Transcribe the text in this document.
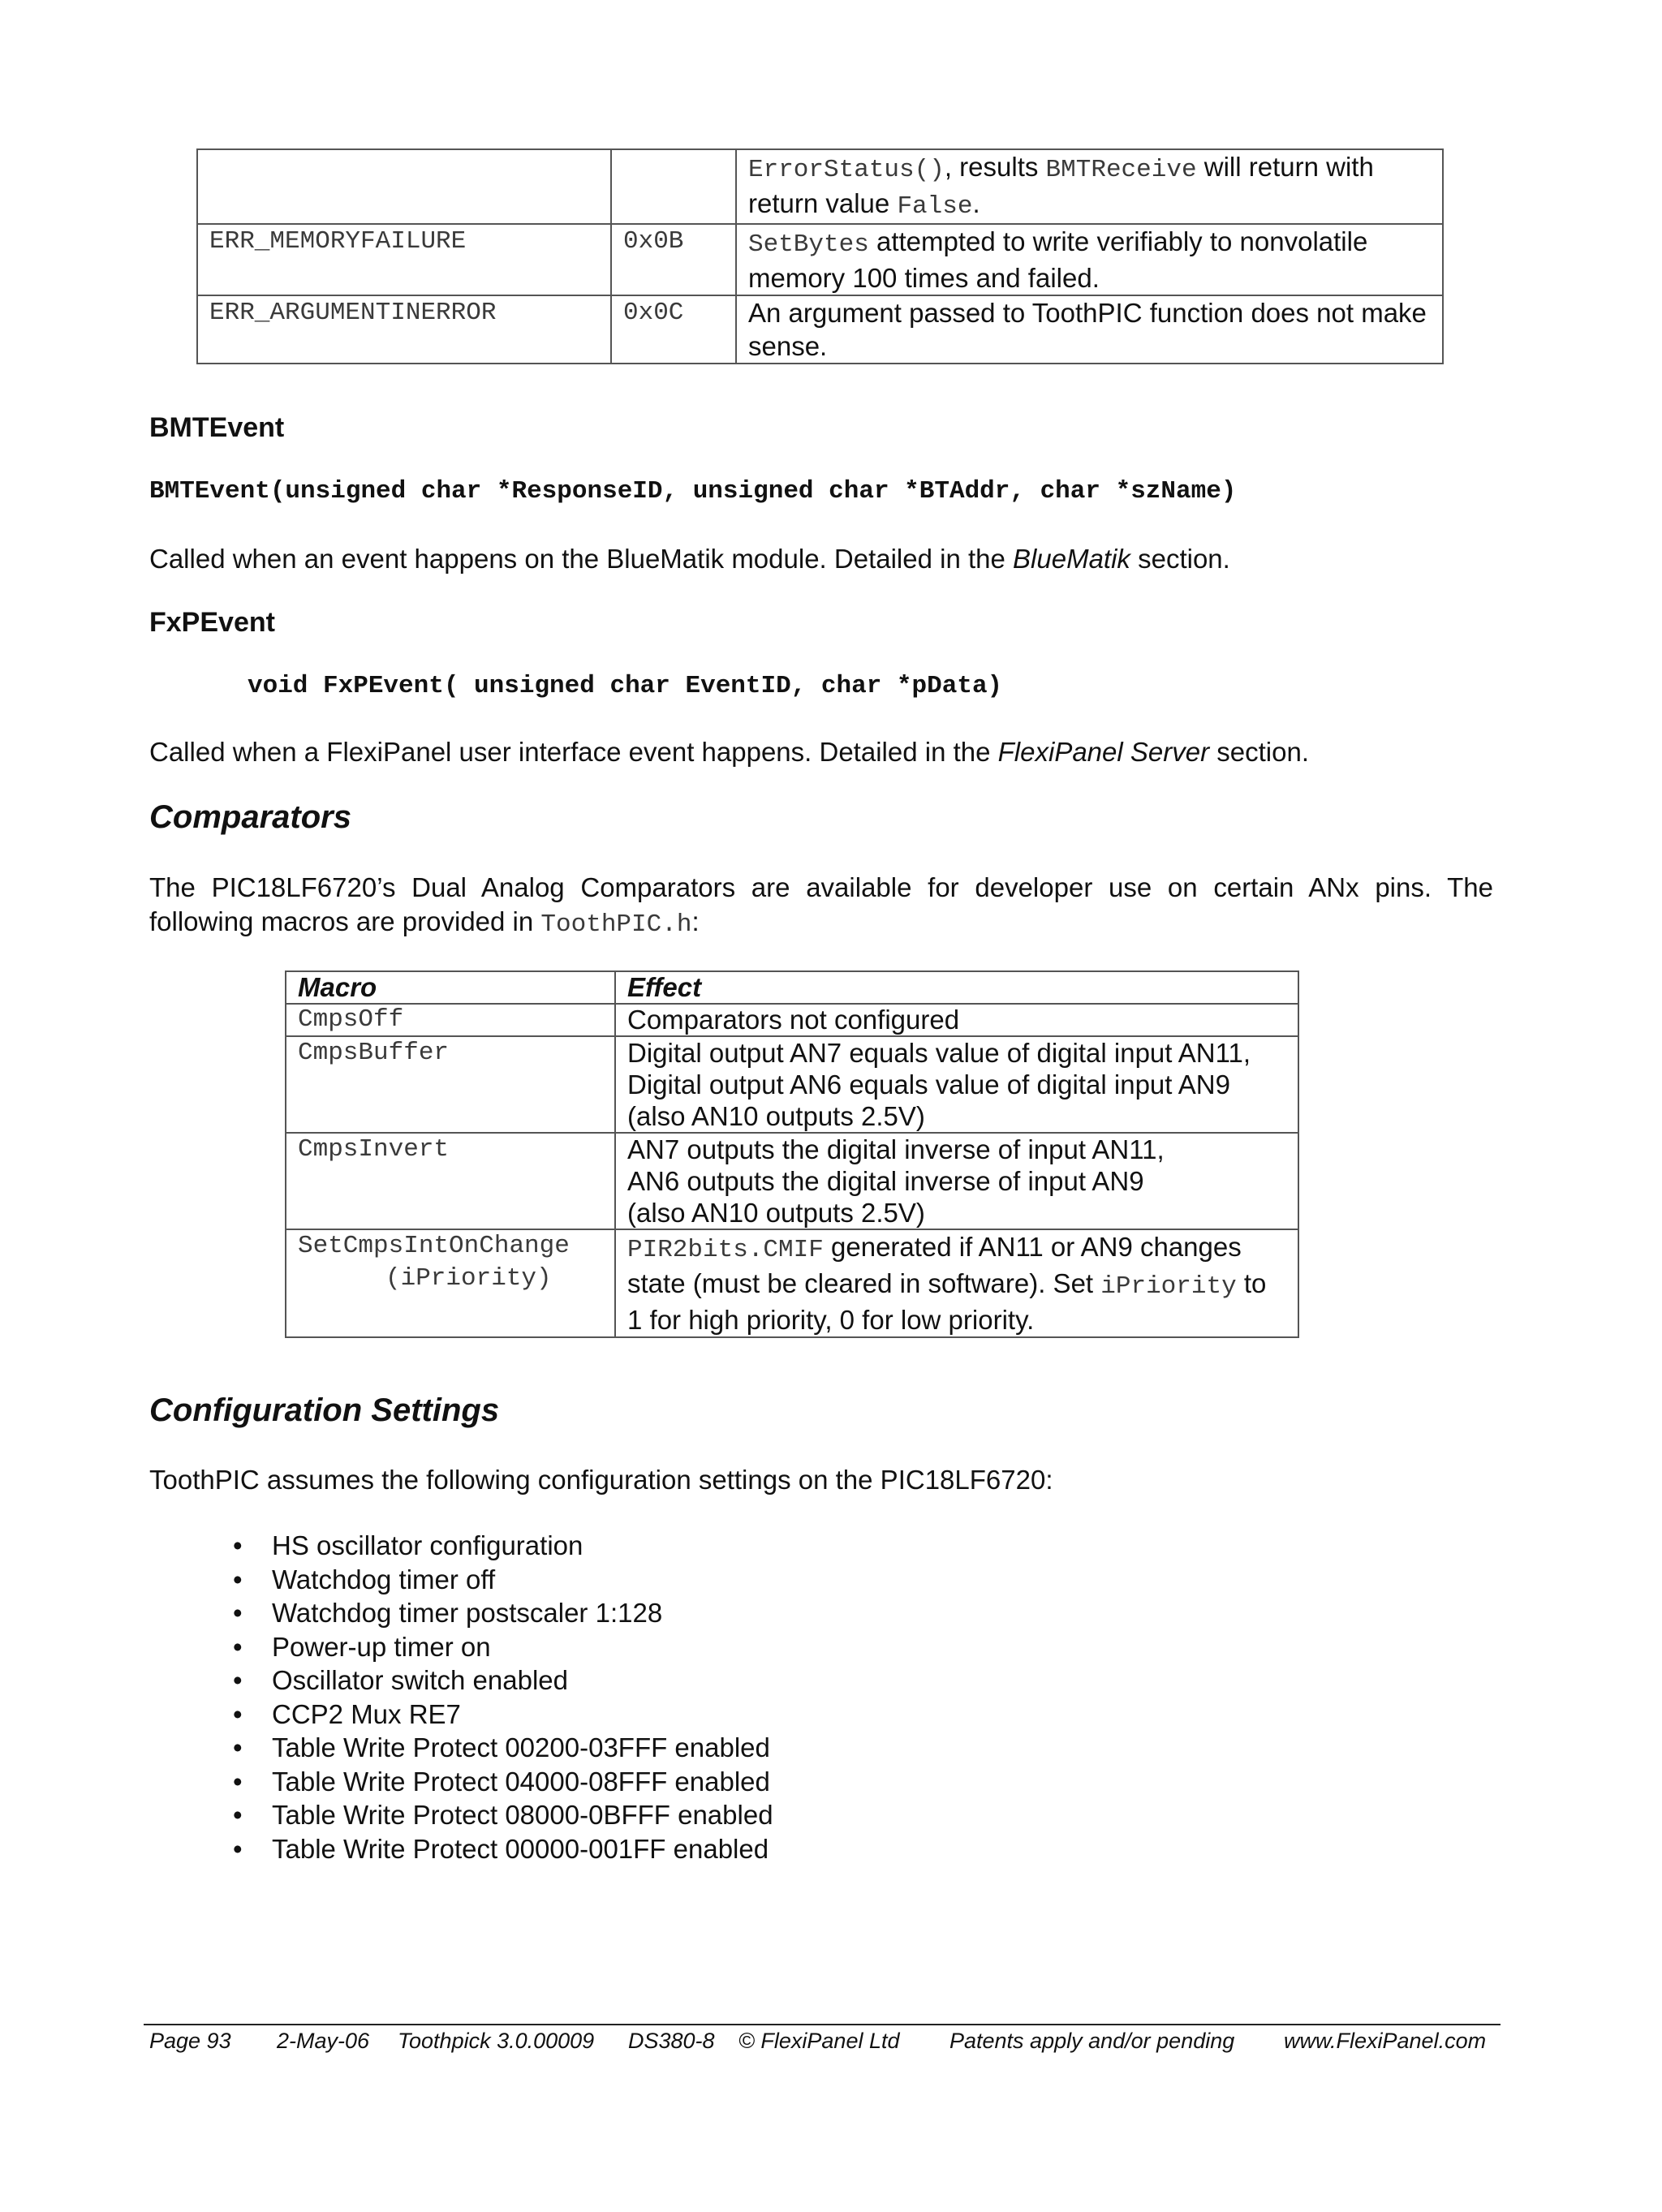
		ErrorStatus(), results BMTReceive will return with return value False.
ERR_MEMORYFAILURE	0x0B	SetBytes attempted to write verifiably to nonvolatile memory 100 times and failed.
ERR_ARGUMENTINERROR	0x0C	An argument passed to ToothPIC function does not make sense.
BMTEvent
BMTEvent(unsigned char *ResponseID, unsigned char *BTAddr, char *szName)
Called when an event happens on the BlueMatik module. Detailed in the BlueMatik section.
FxPEvent
void FxPEvent( unsigned char EventID, char *pData)
Called when a FlexiPanel user interface event happens. Detailed in the FlexiPanel Server section.
Comparators
The PIC18LF6720’s Dual Analog Comparators are available for developer use on certain ANx pins. The
following macros are provided in ToothPIC.h:
Macro	Effect
CmpsOff	Comparators not configured

CmpsBuffer	Digital output AN7 equals value of digital input AN11,
Digital output AN6 equals value of digital input AN9
(also AN10 outputs 2.5V)

CmpsInvert	AN7 outputs the digital inverse of input AN11,
AN6 outputs the digital inverse of input AN9
(also AN10 outputs 2.5V)

SetCmpsIntOnChange
(iPriority)	PIR2bits.CMIF generated if AN11 or AN9 changes state (must be cleared in software). Set iPriority to 1 for high priority, 0 for low priority.
Configuration Settings
ToothPIC assumes the following configuration settings on the PIC18LF6720:
• HS oscillator configuration
• Watchdog timer off
• Watchdog timer postscaler 1:128
• Power-up timer on
• Oscillator switch enabled
• CCP2 Mux RE7
• Table Write Protect 00200-03FFF enabled
• Table Write Protect 04000-08FFF enabled
• Table Write Protect 08000-0BFFF enabled
• Table Write Protect 00000-001FF enabled
Page 93 2-May-06 Toothpick 3.0.00009 DS380-8 © FlexiPanel Ltd Patents apply and/or pending www.FlexiPanel.com
